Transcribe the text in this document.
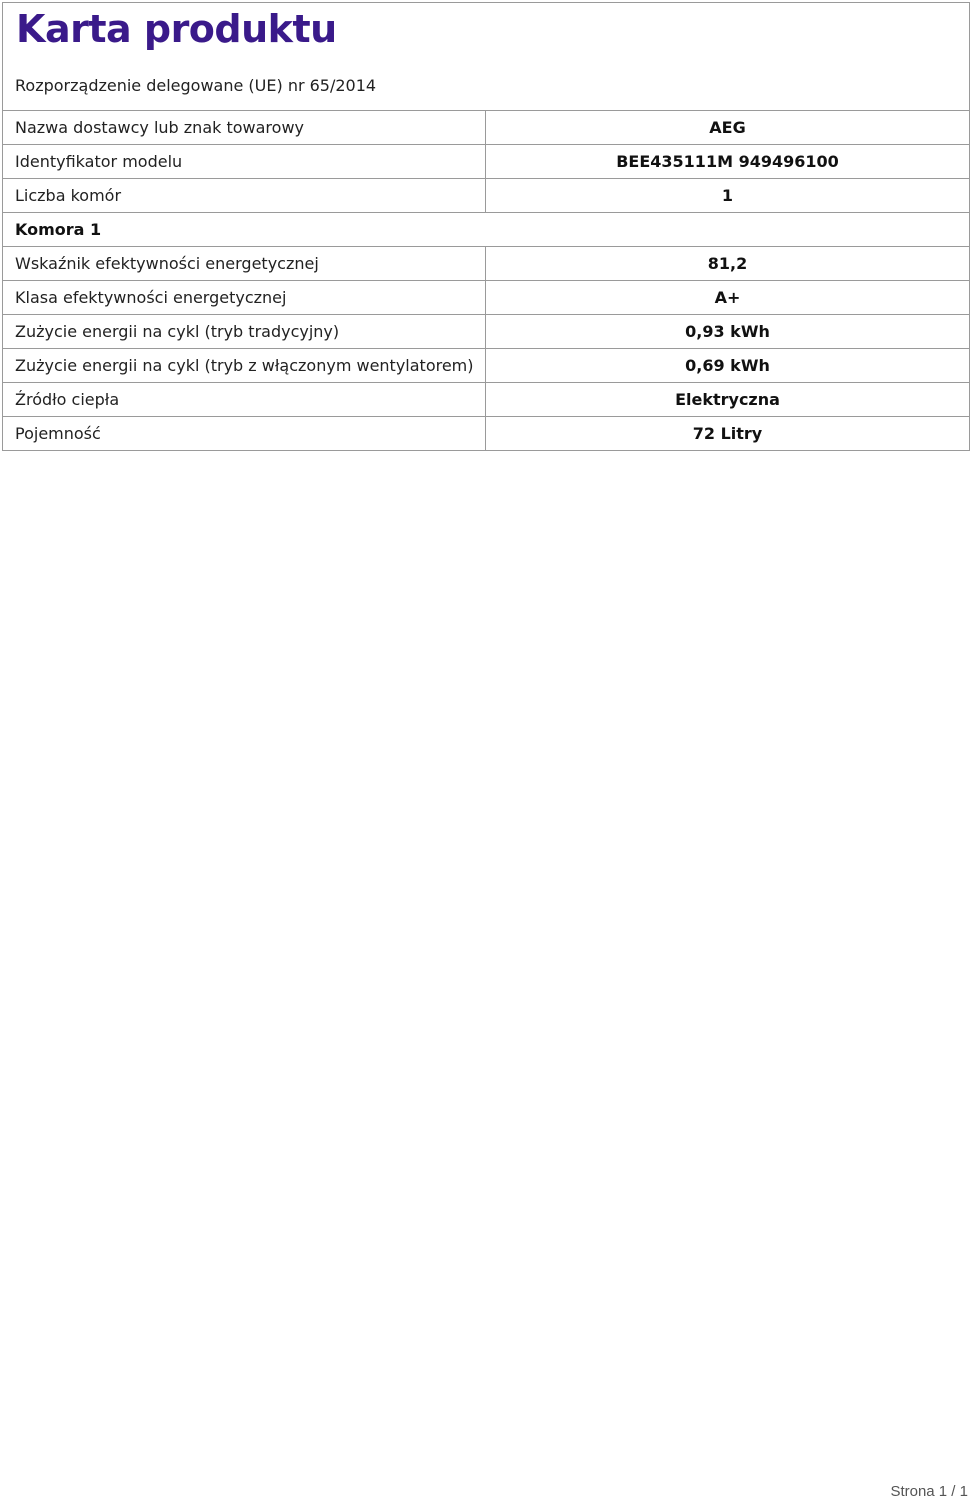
Karta produktu
Rozporządzenie delegowane (UE) nr 65/2014
Nazwa dostawcy lub znak towarowy	AEG
Identyfikator modelu	BEE435111M 949496100
Liczba komór	1
Komora 1
Wskaźnik efektywności energetycznej	81,2
Klasa efektywności energetycznej	A+
Zużycie energii na cykl (tryb tradycyjny)	0,93 kWh
Zużycie energii na cykl (tryb z włączonym wentylatorem)	0,69 kWh
Źródło ciepła	Elektryczna
Pojemność	72 Litry
Strona 1 / 1
